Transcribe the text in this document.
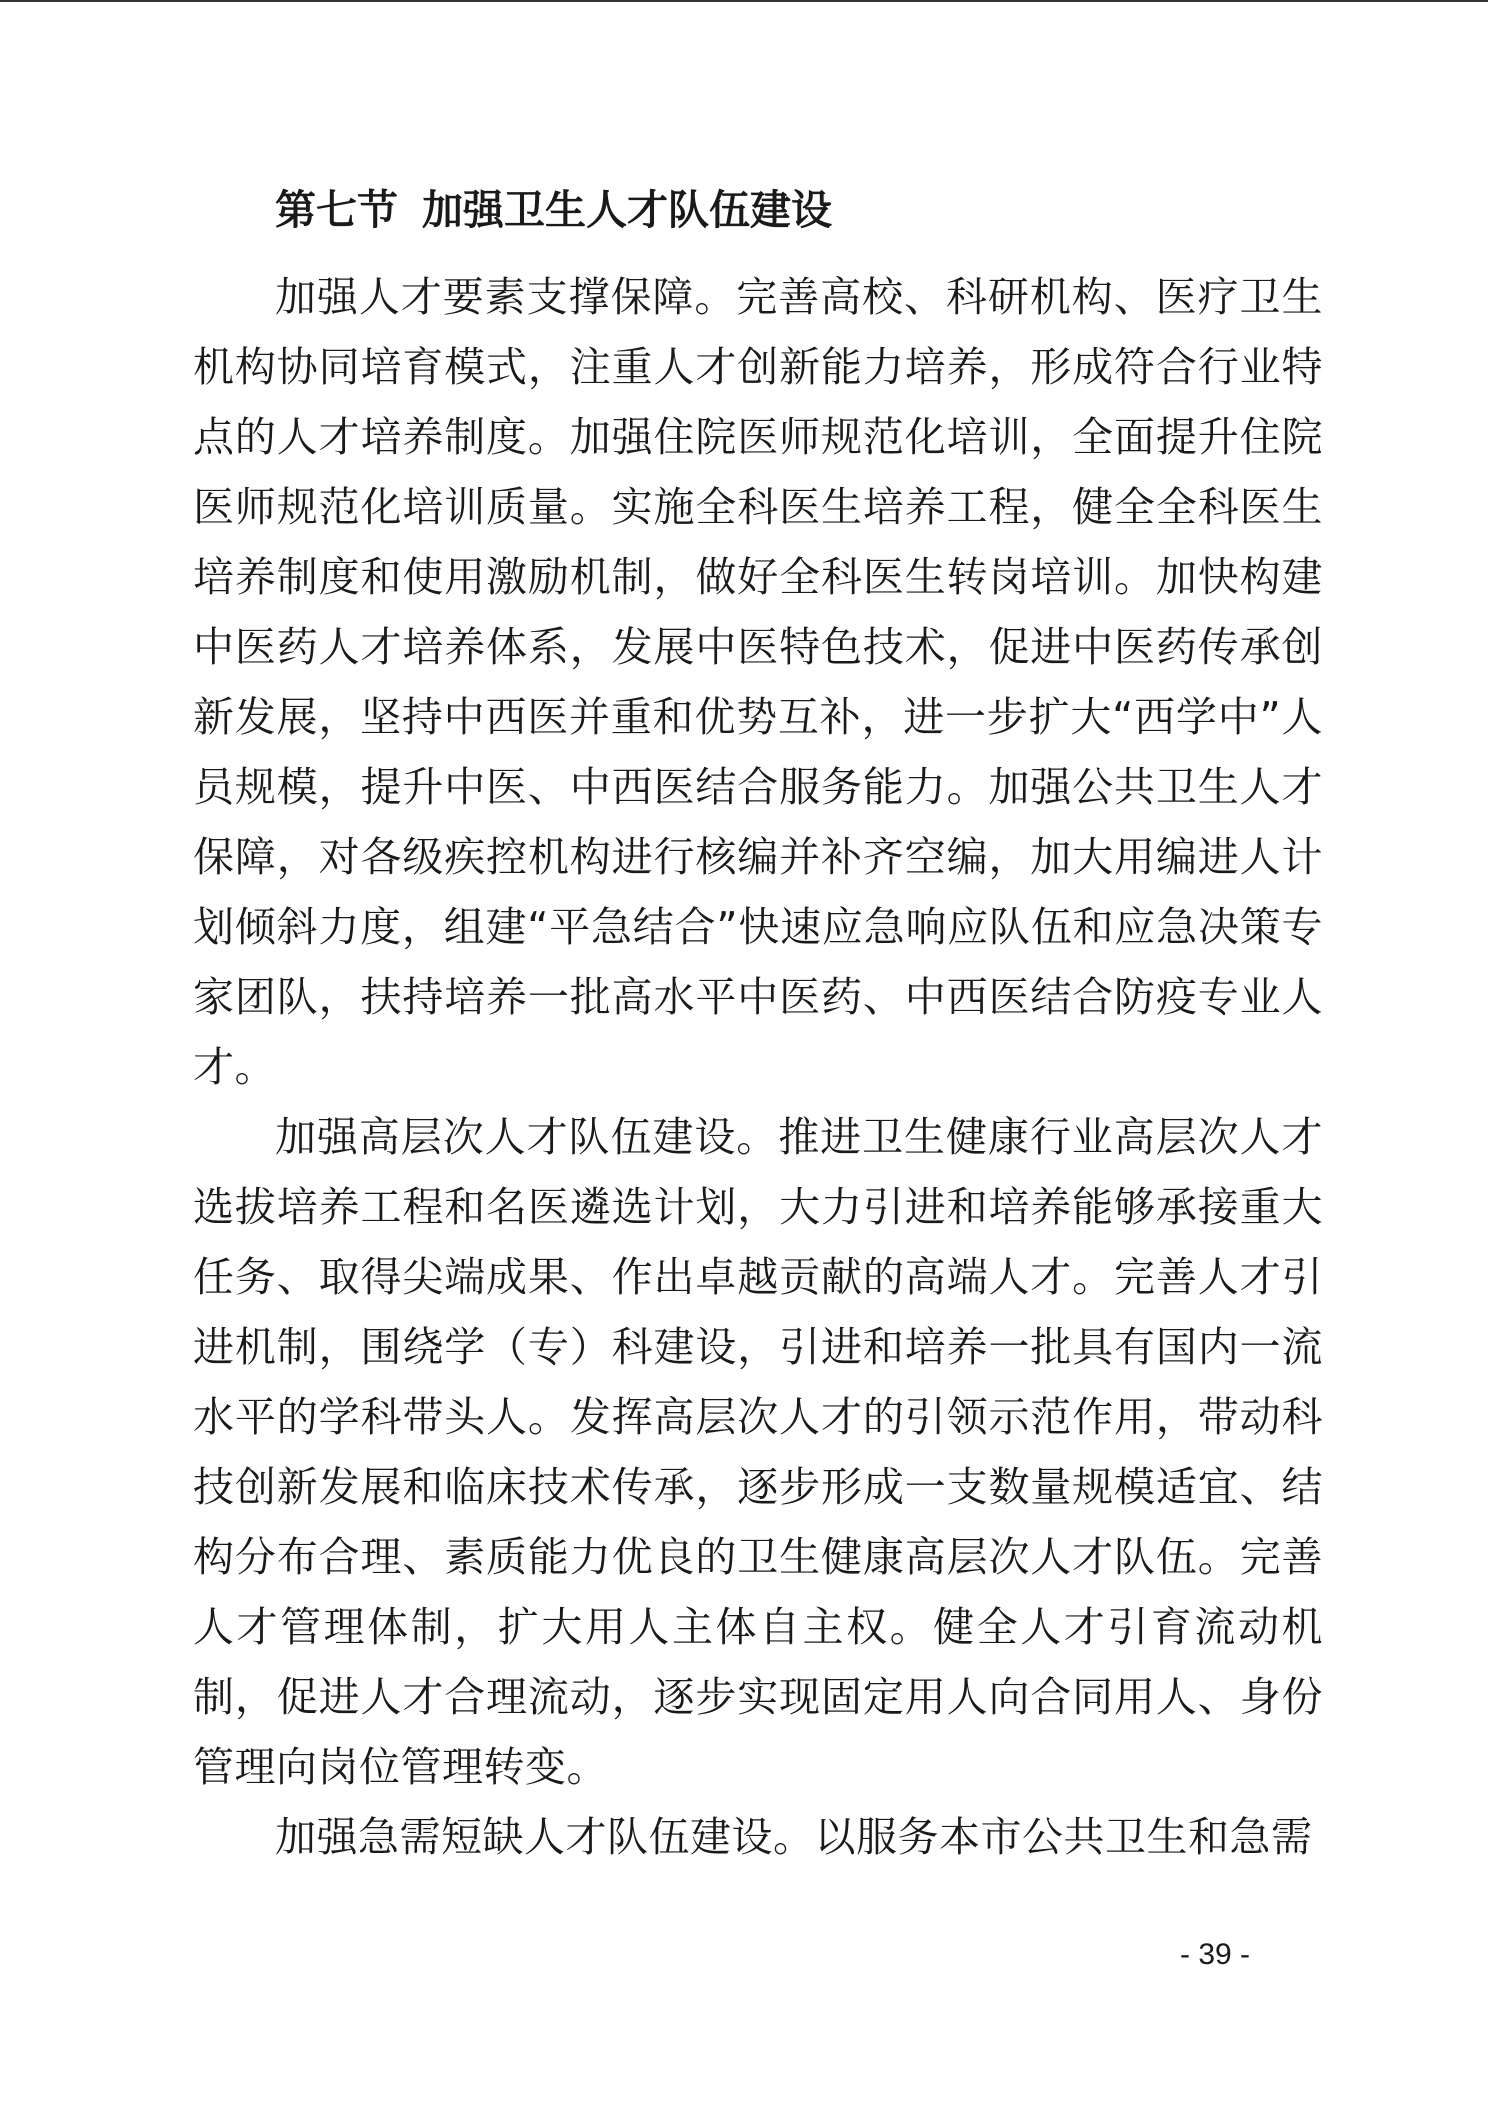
第七节 加强卫生人才队伍建设

加强人才要素支撑保障。完善高校、科研机构、医疗卫生机构协同培育模式，注重人才创新能力培养，形成符合行业特点的人才培养制度。加强住院医师规范化培训，全面提升住院医师规范化培训质量。实施全科医生培养工程，健全全科医生培养制度和使用激励机制，做好全科医生转岗培训。加快构建中医药人才培养体系，发展中医特色技术，促进中医药传承创新发展，坚持中西医并重和优势互补，进一步扩大“西学中”人员规模，提升中医、中西医结合服务能力。加强公共卫生人才保障，对各级疾控机构进行核编并补齐空编，加大用编进人计划倾斜力度，组建“平急结合”快速应急响应队伍和应急决策专家团队，扶持培养一批高水平中医药、中西医结合防疫专业人才。

加强高层次人才队伍建设。推进卫生健康行业高层次人才选拔培养工程和名医遴选计划，大力引进和培养能够承接重大任务、取得尖端成果、作出卓越贡献的高端人才。完善人才引进机制，围绕学（专）科建设，引进和培养一批具有国内一流水平的学科带头人。发挥高层次人才的引领示范作用，带动科技创新发展和临床技术传承，逐步形成一支数量规模适宜、结构分布合理、素质能力优良的卫生健康高层次人才队伍。完善人才管理体制，扩大用人主体自主权。健全人才引育流动机制，促进人才合理流动，逐步实现固定用人向合同用人、身份管理向岗位管理转变。

加强急需短缺人才队伍建设。以服务本市公共卫生和急需

- 39 -
